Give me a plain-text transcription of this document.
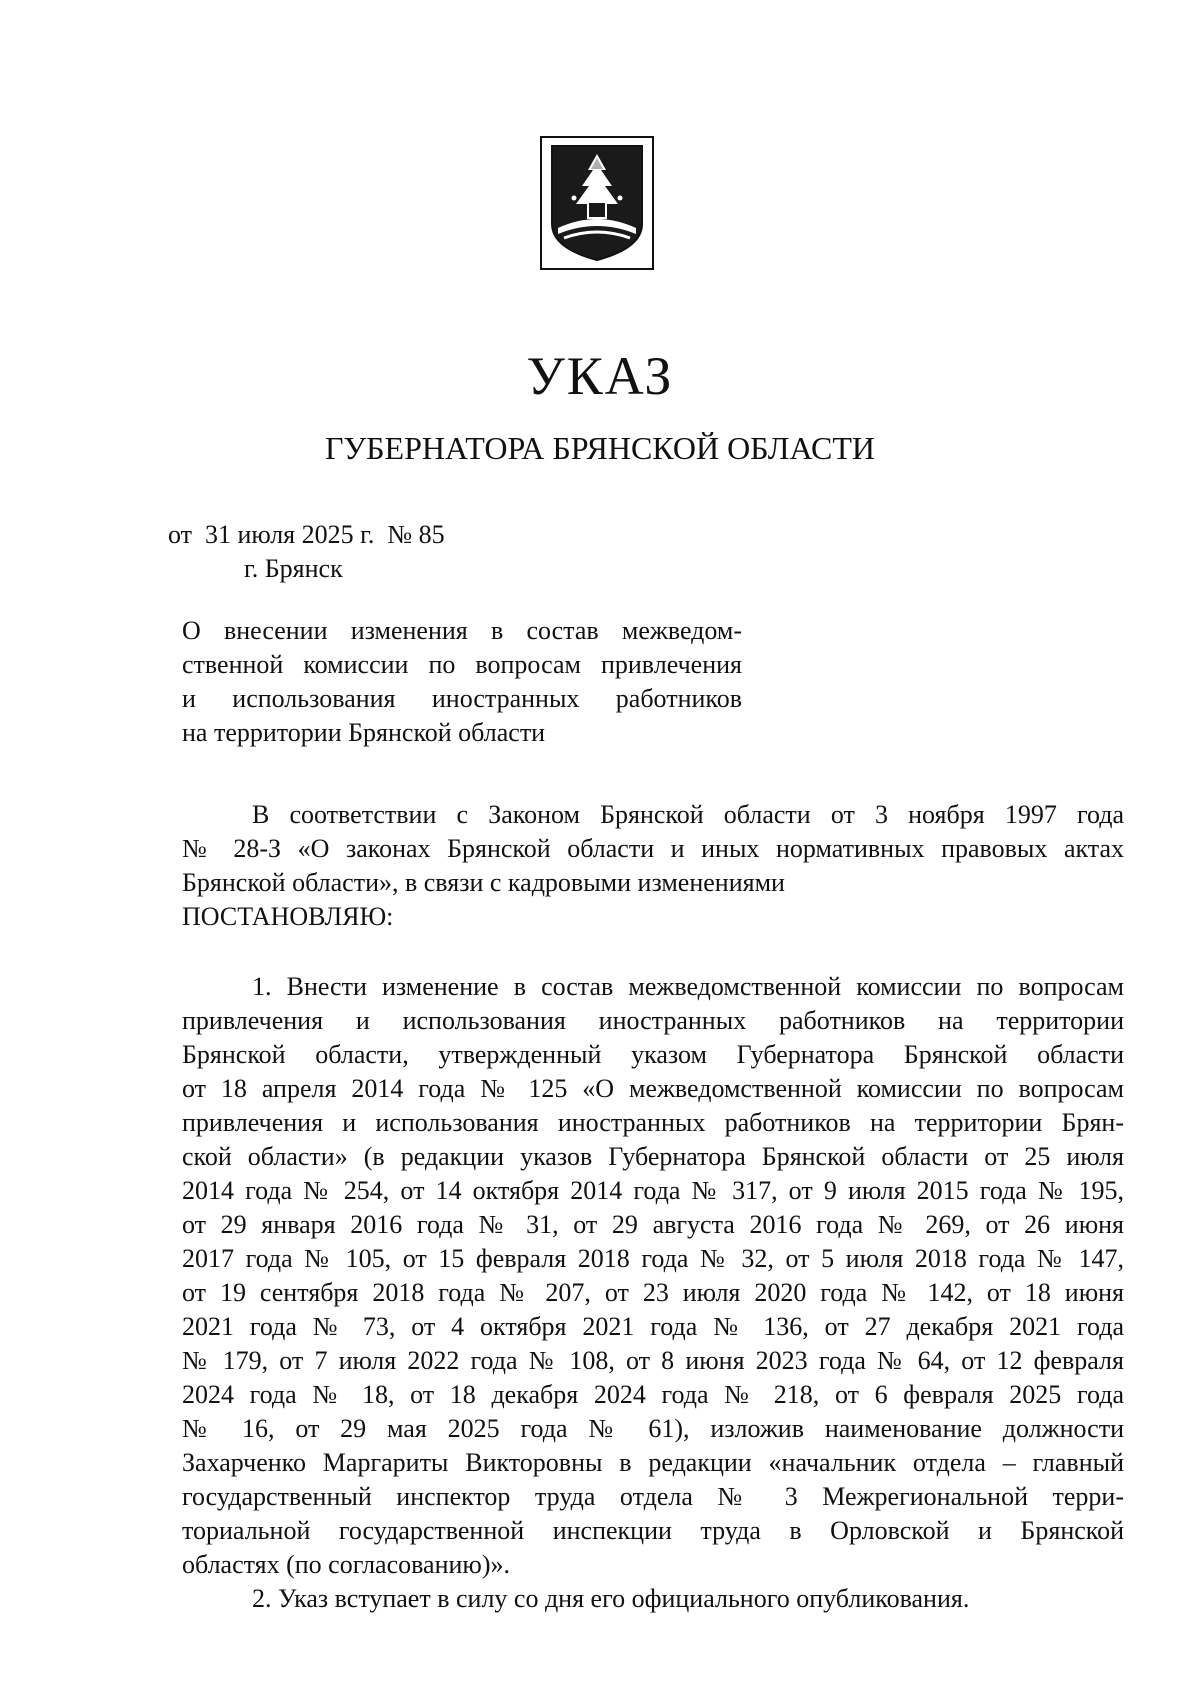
УКАЗ
ГУБЕРНАТОРА БРЯНСКОЙ ОБЛАСТИ
от  31 июля 2025 г.  № 85
г. Брянск
О внесении изменения в состав межведом-
ственной комиссии по вопросам привлечения
и использования иностранных работников
на территории Брянской области
В соответствии с Законом Брянской области от 3 ноября 1997 года
№ 28-З «О законах Брянской области и иных нормативных правовых актах
Брянской области», в связи с кадровыми изменениями
ПОСТАНОВЛЯЮ:
1. Внести изменение в состав межведомственной комиссии по вопросам
привлечения и использования иностранных работников на территории
Брянской области, утвержденный указом Губернатора Брянской области
от 18 апреля 2014 года № 125 «О межведомственной комиссии по вопросам
привлечения и использования иностранных работников на территории Брян-
ской области» (в редакции указов Губернатора Брянской области от 25 июля
2014 года № 254, от 14 октября 2014 года № 317, от 9 июля 2015 года № 195,
от 29 января 2016 года № 31, от 29 августа 2016 года № 269, от 26 июня
2017 года № 105, от 15 февраля 2018 года № 32, от 5 июля 2018 года № 147,
от 19 сентября 2018 года № 207, от 23 июля 2020 года № 142, от 18 июня
2021 года № 73, от 4 октября 2021 года № 136, от 27 декабря 2021 года
№ 179, от 7 июля 2022 года № 108, от 8 июня 2023 года № 64, от 12 февраля
2024 года № 18, от 18 декабря 2024 года № 218, от 6 февраля 2025 года
№ 16, от 29 мая 2025 года № 61), изложив наименование должности
Захарченко Маргариты Викторовны в редакции «начальник отдела – главный
государственный инспектор труда отдела № 3 Межрегиональной терри-
ториальной государственной инспекции труда в Орловской и Брянской
областях (по согласованию)».
2. Указ вступает в силу со дня его официального опубликования.
